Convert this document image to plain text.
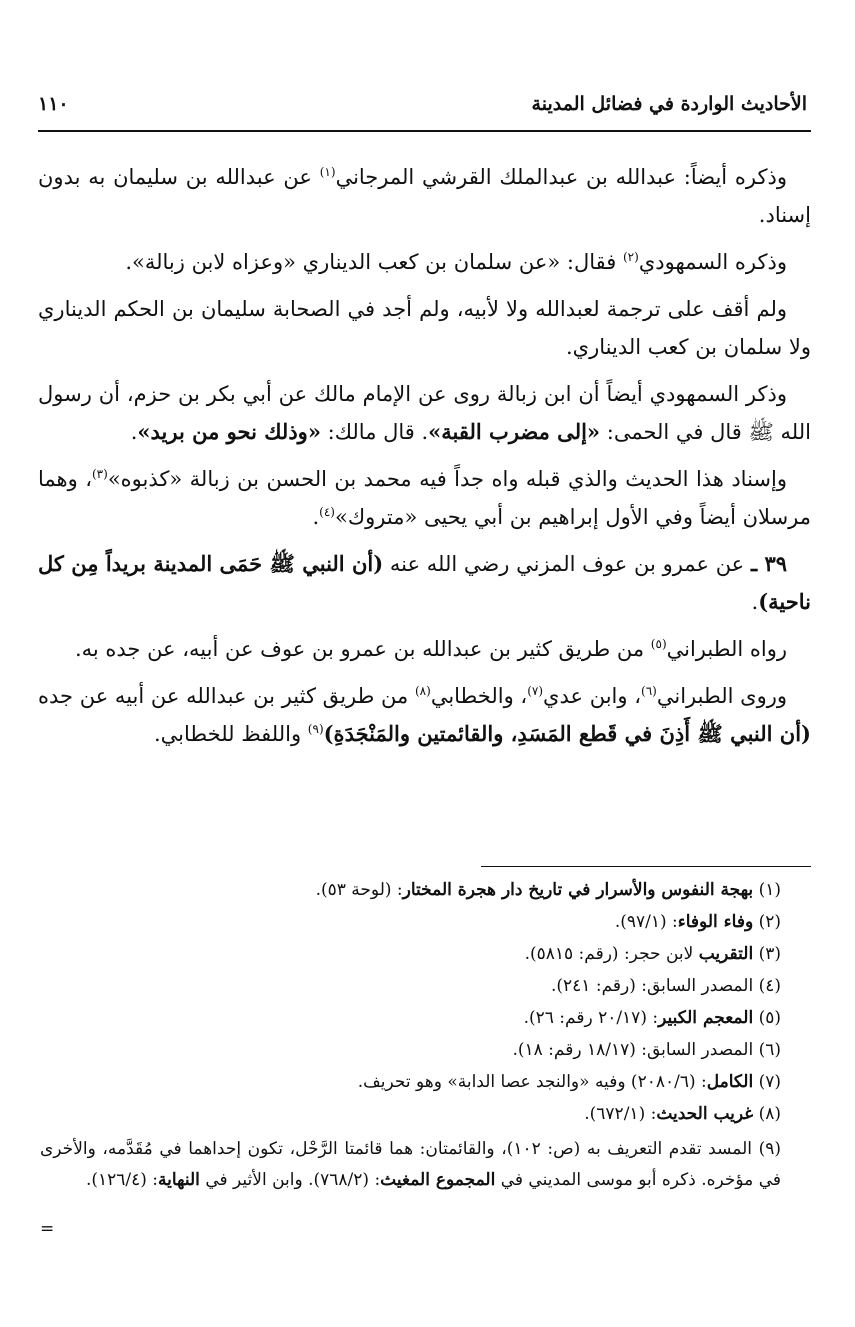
الأحاديث الواردة في فضائل المدينة
١١٠

وذكره أيضاً: عبدالله بن عبدالملك القرشي المرجاني$^{(١)}$ عن عبدالله بن سليمان به بدون إسناد.

وذكره السمهودي$^{(٢)}$ فقال: «عن سلمان بن كعب الديناري «وعزاه لابن زبالة».

ولم أقف على ترجمة لعبدالله ولا لأبيه، ولم أجد في الصحابة سليمان بن الحكم الديناري ولا سلمان بن كعب الديناري.

وذكر السمهودي أيضاً أن ابن زبالة روى عن الإمام مالك عن أبي بكر بن حزم، أن رسول الله ﷺ قال في الحمى: «إلى مضرب القبة». قال مالك: «وذلك نحو من بريد».

وإسناد هذا الحديث والذي قبله واه جداً فيه محمد بن الحسن بن زبالة «كذبوه»$^{(٣)}$، وهما مرسلان أيضاً وفي الأول إبراهيم بن أبي يحيى «متروك»$^{(٤)}$.

٣٩ ـ عن عمرو بن عوف المزني رضي الله عنه (أن النبي ﷺ حَمَى المدينة بريداً مِن كل ناحية).

رواه الطبراني$^{(٥)}$ من طريق كثير بن عبدالله بن عمرو بن عوف عن أبيه، عن جده به.

وروى الطبراني$^{(٦)}$، وابن عدي$^{(٧)}$، والخطابي$^{(٨)}$ من طريق كثير بن عبدالله عن أبيه عن جده (أن النبي ﷺ أَذِنَ في قَطع المَسَدِ، والقائمتين والمَنْجَدَةِ)$^{(٩)}$ واللفظ للخطابي.

(١) بهجة النفوس والأسرار في تاريخ دار هجرة المختار: (لوحة ٥٣).

(٢) وفاء الوفاء: (٩٧/١).

(٣) التقريب لابن حجر: (رقم: ٥٨١٥).

(٤) المصدر السابق: (رقم: ٢٤١).

(٥) المعجم الكبير: (٢٠/١٧ رقم: ٢٦).

(٦) المصدر السابق: (١٨/١٧ رقم: ١٨).

(٧) الكامل: (٢٠٨٠/٦) وفيه «والنجد عصا الدابة» وهو تحريف.

(٨) غريب الحديث: (٦٧٢/١).

(٩) المسد تقدم التعريف به (ص: ١٠٢)، والقائمتان: هما قائمتا الرَّحْل، تكون إحداهما في مُقَدَّمه، والأخرى في مؤخره. ذكره أبو موسى المديني في المجموع المغيث: (٧٦٨/٢). وابن الأثير في النهاية: (١٢٦/٤).

=
